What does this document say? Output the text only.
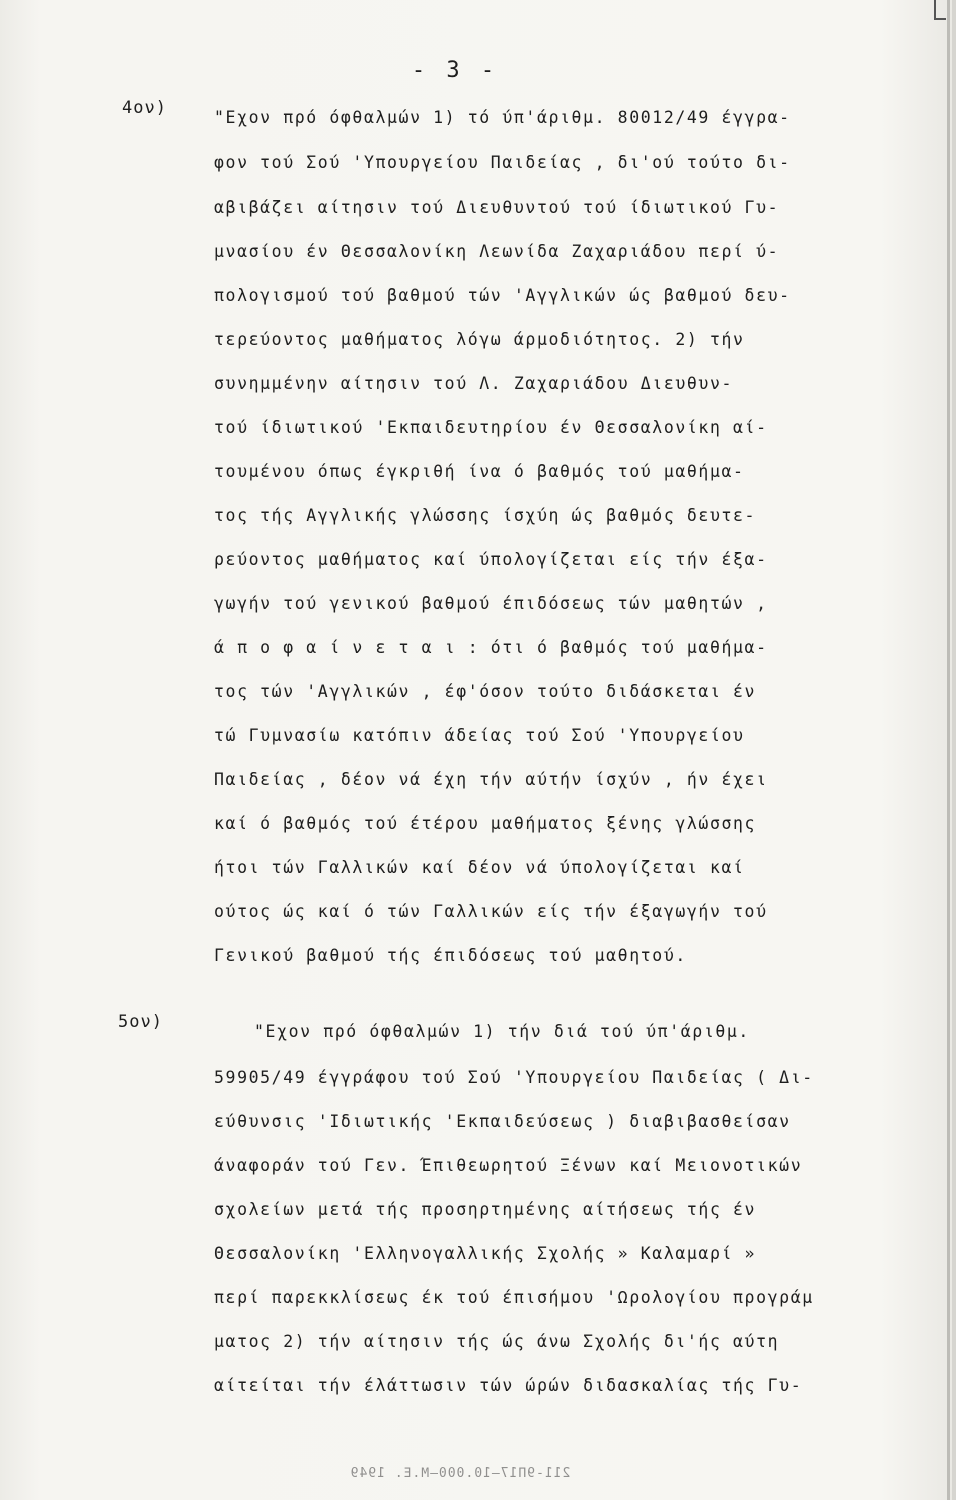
- 3 -
4ον)	"Εχον πρό όφθαλμών 1) τό ύπ'άριθμ. 80012/49 έγγρα-
φον τού Σού 'Υπουργείου Παιδείας , δι'ού τούτο δι-
αβιβάζει αίτησιν τού Διευθυντού τού ίδιωτικού Γυ-
μνασίου έν Θεσσαλονίκη Λεωνίδα Ζαχαριάδου περί ύ-
πολογισμού τού βαθμού τών 'Αγγλικών ώς βαθμού δευ-
τερεύοντος μαθήματος λόγω άρμοδιότητος. 2) τήν
συνημμένην αίτησιν τού Λ. Ζαχαριάδου Διευθυν-
τού ίδιωτικού 'Εκπαιδευτηρίου έν Θεσσαλονίκη αί-
τουμένου όπως έγκριθή ίνα ό βαθμός τού μαθήμα-
τος τής Αγγλικής γλώσσης ίσχύη ώς βαθμός δευτε-
ρεύοντος μαθήματος καί ύπολογίζεται είς τήν έξα-
γωγήν τού γενικού βαθμού έπιδόσεως τών μαθητών ,
ά π ο φ α ί ν ε τ α ι : ότι ό βαθμός τού μαθήμα-
τος τών 'Αγγλικών , έφ'όσον τούτο διδάσκεται έν
τώ Γυμνασίω κατόπιν άδείας τού Σού 'Υπουργείου
Παιδείας , δέον νά έχη τήν αύτήν ίσχύν , ήν έχει
καί ό βαθμός τού έτέρου μαθήματος ξένης γλώσσης
ήτοι τών Γαλλικών καί δέον νά ύπολογίζεται καί
ούτος ώς καί ό τών Γαλλικών είς τήν έξαγωγήν τού
Γενικού βαθμού τής έπιδόσεως τού μαθητού.
5ον)	"Εχον πρό όφθαλμών 1) τήν διά τού ύπ'άριθμ.
59905/49 έγγράφου τού Σού 'Υπουργείου Παιδείας ( Δι-
εύθυνσις 'Ιδιωτικής 'Εκπαιδεύσεως ) διαβιβασθείσαν
άναφοράν τού Γεν. Έπιθεωρητού Ξένων καί Μειονοτικών
σχολείων μετά τής προσηρτημένης αίτήσεως τής έν
Θεσσαλονίκη 'Ελληνογαλλικής Σχολής » Καλαμαρί »
περί παρεκκλίσεως έκ τού έπισήμου 'Ωρολογίου προγράμ
ματος 2) τήν αίτησιν τής ώς άνω Σχολής δι'ής αύτη
αίτείται τήν έλάττωσιν τών ώρών διδασκαλίας τής Γυ-
211-9Π17—10.000—Μ.Ε. 1949
